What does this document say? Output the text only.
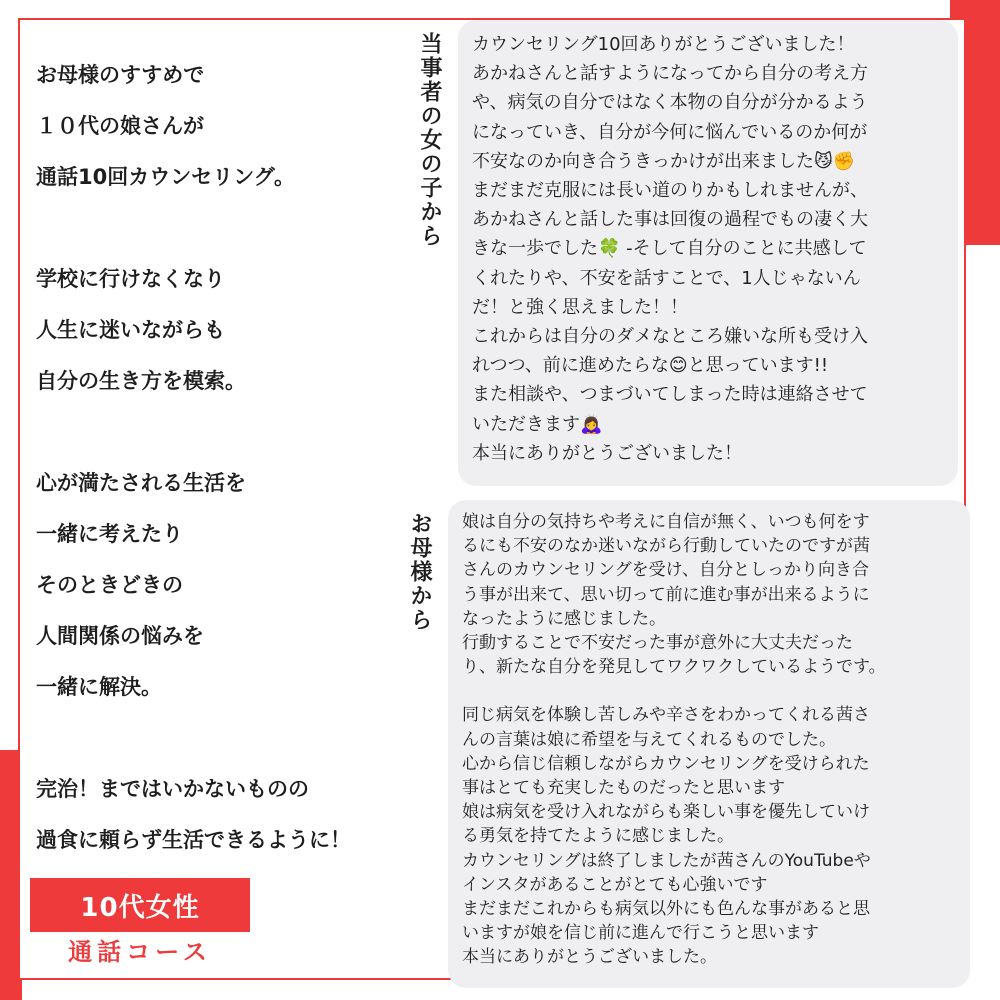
お母様のすすめで
１０代の娘さんが
通話10回カウンセリング。
学校に行けなくなり
人生に迷いながらも
自分の生き方を模索。
心が満たされる生活を
一緒に考えたり
そのときどきの
人間関係の悩みを
一緒に解決。
完治！まではいかないものの
過食に頼らず生活できるように！
当事者の女の子から カウンセリング10回ありがとうございました！
あかねさんと話すようになってから自分の考え方
や、病気の自分ではなく本物の自分が分かるよう
になっていき、自分が今何に悩んでいるのか何が
不安なのか向き合うきっかけが出来ました😼✊
まだまだ克服には長い道のりかもしれませんが、
あかねさんと話した事は回復の過程でもの凄く大
きな一歩でした🍀 -そして自分のことに共感して
くれたりや、不安を話すことで、1人じゃないん
だ！と強く思えました！！
これからは自分のダメなところ嫌いな所も受け入
れつつ、前に進めたらな😊と思っています!!
また相談や、つまづいてしまった時は連絡させて
いただきます🙇‍♀️
本当にありがとうございました！
お母様から 娘は自分の気持ちや考えに自信が無く、いつも何をす
るにも不安のなか迷いながら行動していたのですが茜
さんのカウンセリングを受け、自分としっかり向き合
う事が出来て、思い切って前に進む事が出来るように
なったように感じました。
行動することで不安だった事が意外に大丈夫だった
り、新たな自分を発見してワクワクしているようです。
同じ病気を体験し苦しみや辛さをわかってくれる茜さ
んの言葉は娘に希望を与えてくれるものでした。
心から信じ信頼しながらカウンセリングを受けられた
事はとても充実したものだったと思います
娘は病気を受け入れながらも楽しい事を優先していけ
る勇気を持てたように感じました。
カウンセリングは終了しましたが茜さんのYouTubeや
インスタがあることがとても心強いです
まだまだこれからも病気以外にも色んな事があると思
いますが娘を信じ前に進んで行こうと思います
本当にありがとうございました。
10代女性
通話コース
